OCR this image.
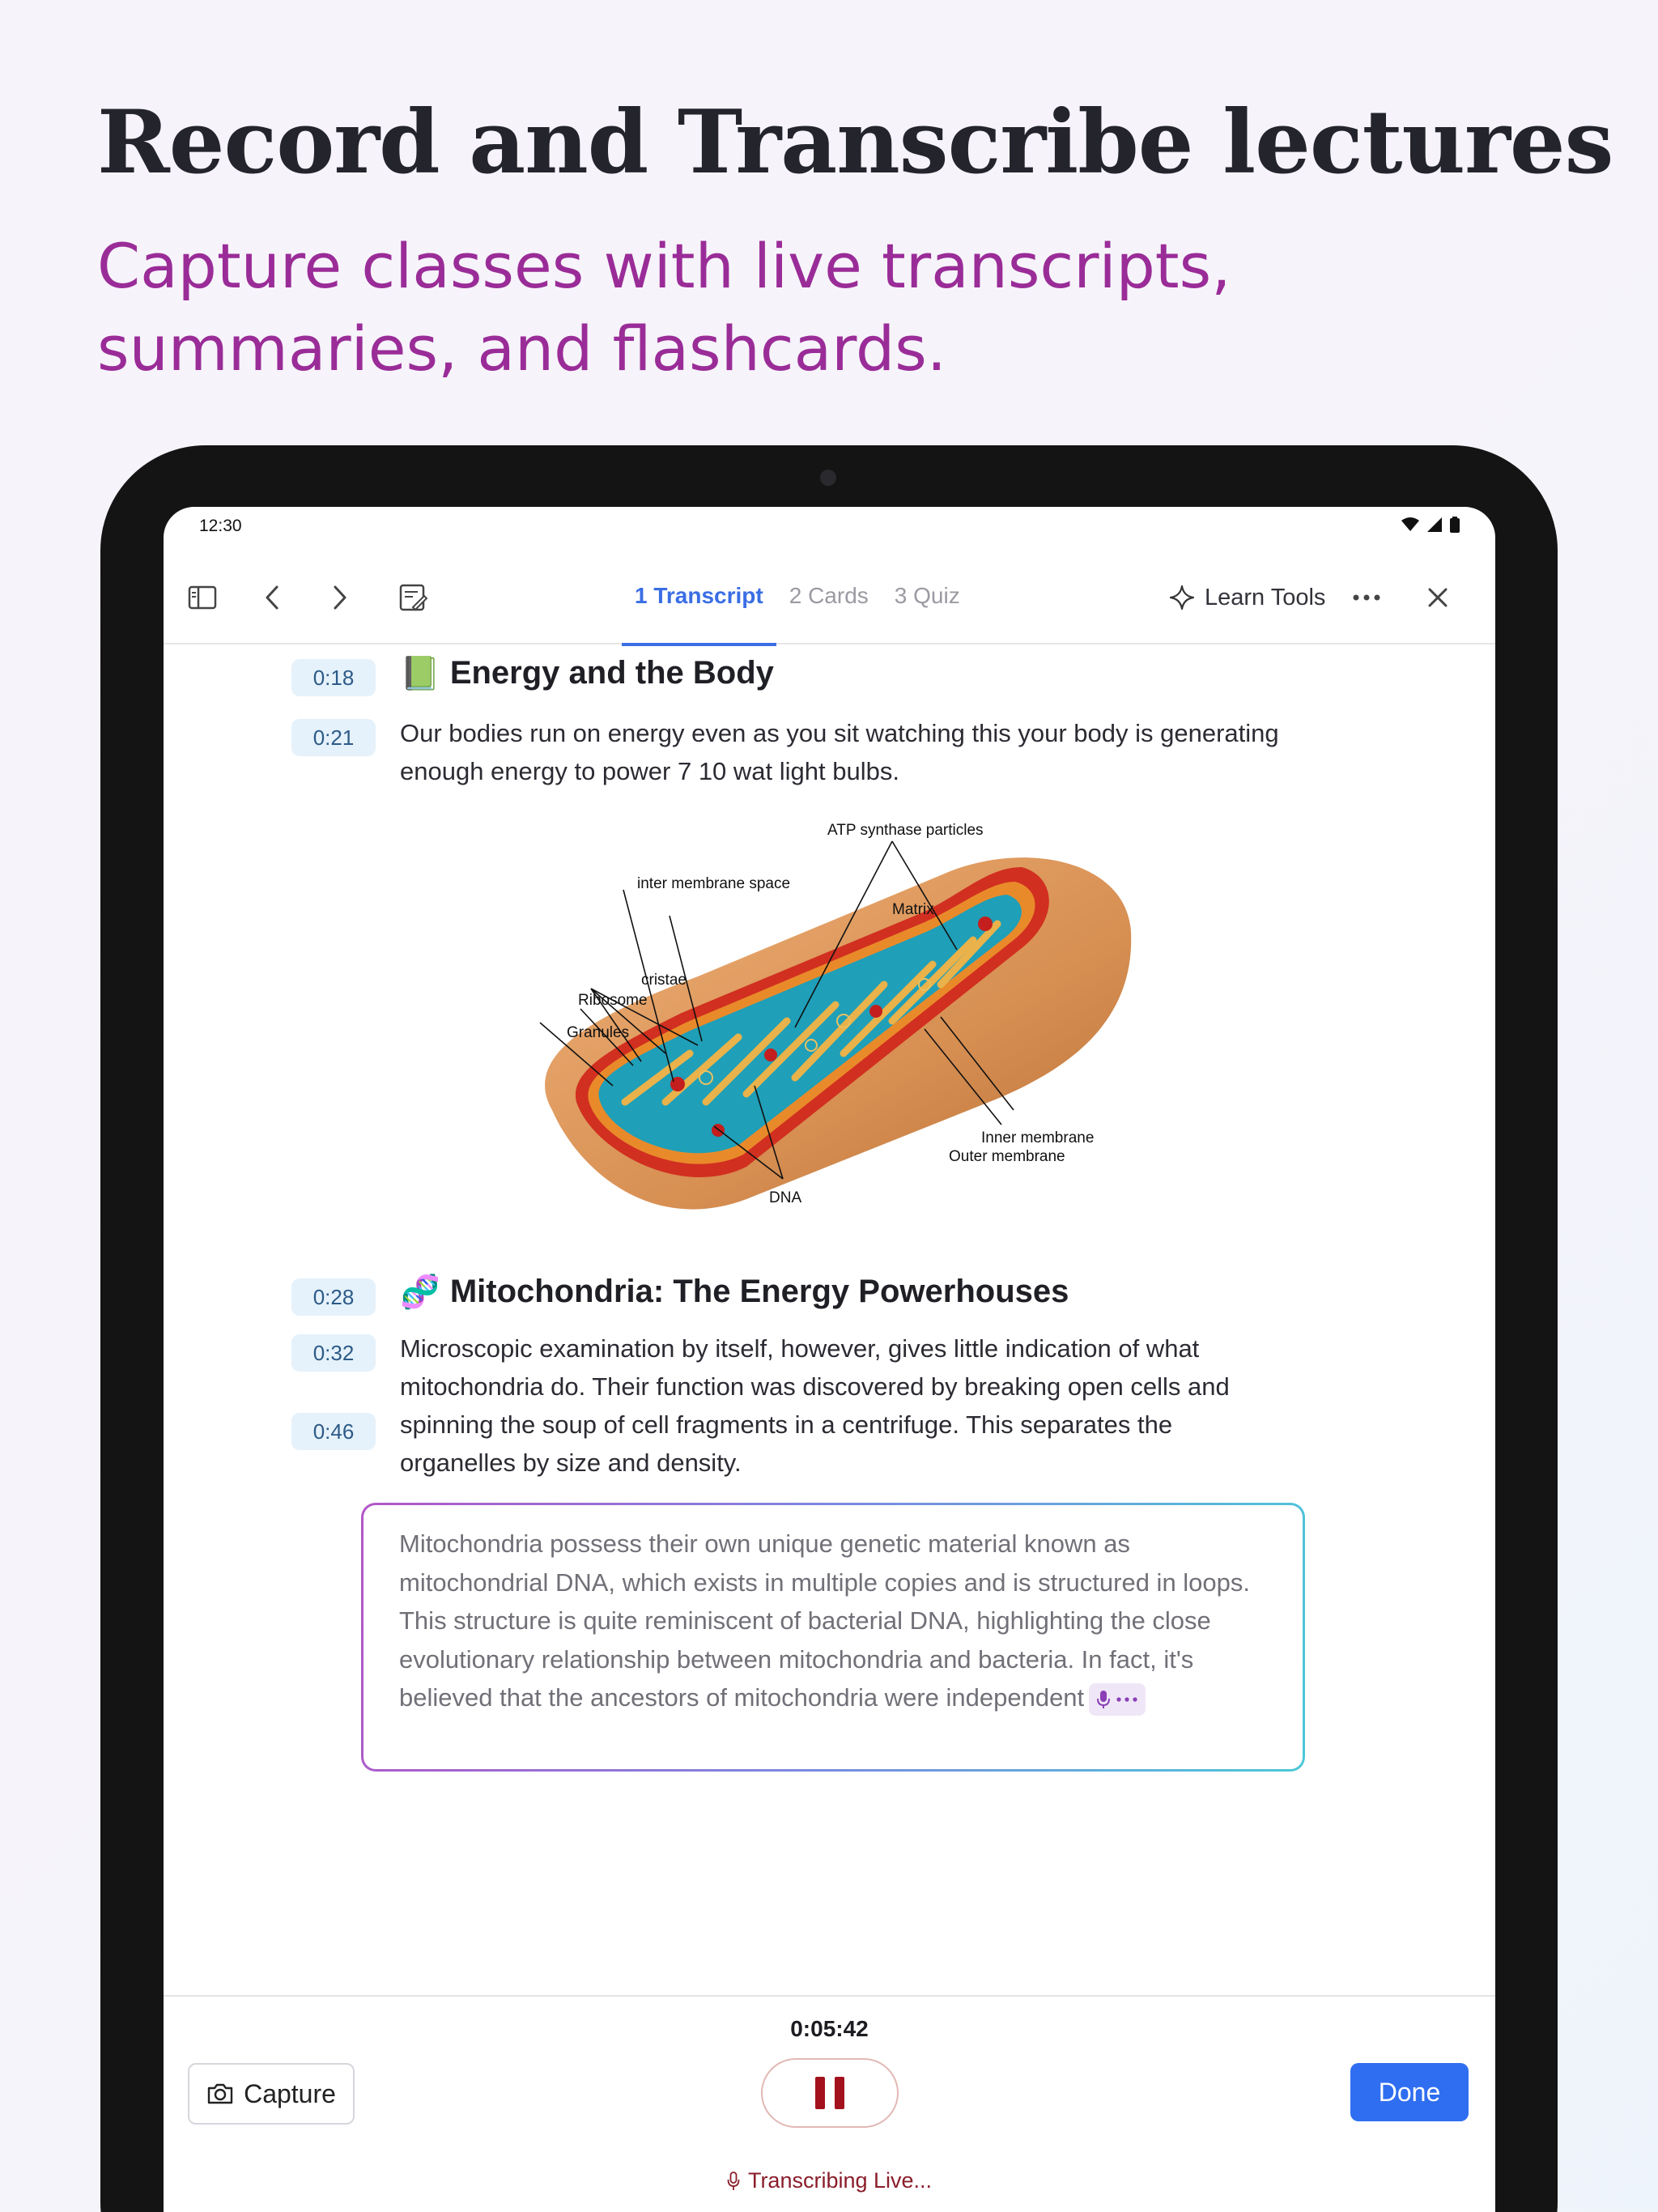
Record and Transcribe lectures
Capture classes with live transcripts, summaries, and flashcards.
12:30
1 Transcript	2 Cards	3 Quiz	Learn Tools
0:18	📗 Energy and the Body
0:21	Our bodies run on energy even as you sit watching this your body is generating enough energy to power 7 10 wat light bulbs.
ATP synthase particles
inter membrane space
Matrix
cristae
Ribosome
Granules
Inner membrane
Outer membrane
DNA
0:28	🧬 Mitochondria: The Energy Powerhouses
0:32
0:46
Microscopic examination by itself, however, gives little indication of what mitochondria do. Their function was discovered by breaking open cells and spinning the soup of cell fragments in a centrifuge. This separates the organelles by size and density.
Mitochondria possess their own unique genetic material known as mitochondrial DNA, which exists in multiple copies and is structured in loops. This structure is quite reminiscent of bacterial DNA, highlighting the close evolutionary relationship between mitochondria and bacteria. In fact, it's believed that the ancestors of mitochondria were independent
0:05:42
Capture	Done
Transcribing Live...
